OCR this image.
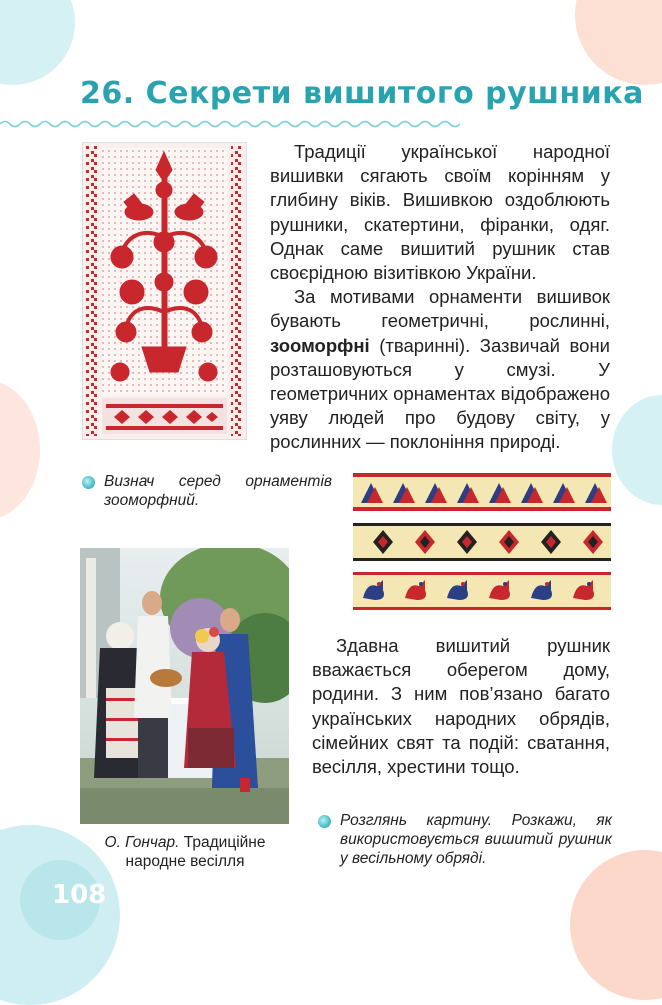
26. Секрети вишитого рушника

Традиції української народної вишивки сягають своїм корінням у глибину віків. Вишивкою оздоблюють рушники, скатертини, фіранки, одяг. Однак саме вишитий рушник став своєрідною візитівкою України.

За мотивами орнаменти вишивок бувають геометричні, рослинні, зооморфні (тваринні). Зазвичай вони розташовуються у смузі. У геометричних орнаментах відображено уяву людей про будову світу, у рослинних — поклоніння природі.

Визнач серед орнаментів зооморфний.
О. Гончар. Традиційне народне весілля

Здавна вишитий рушник вважається оберегом дому, родини. З ним пов’язано багато українських народних обрядів, сімейних свят та подій: сватання, весілля, хрестини тощо.

Розглянь картину. Розкажи, як використовується вишитий рушник у весільному обряді.
108
